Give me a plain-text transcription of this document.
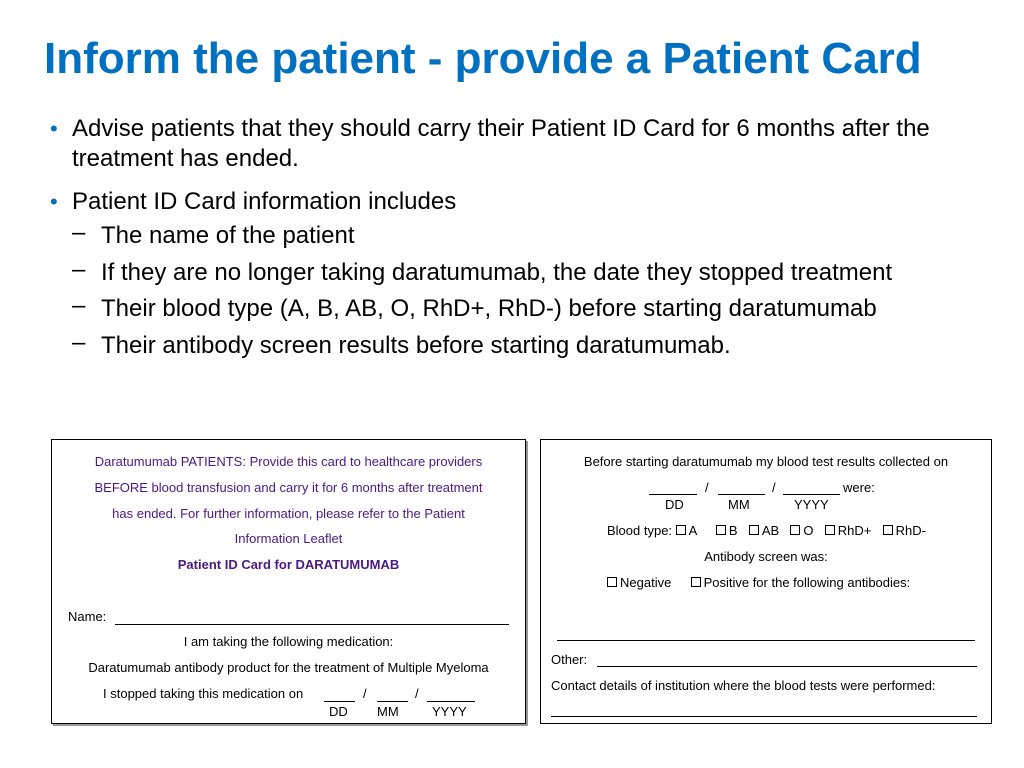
Inform the patient - provide a Patient Card
• Advise patients that they should carry their Patient ID Card for 6 months after the treatment has ended.
• Patient ID Card information includes
– The name of the patient
– If they are no longer taking daratumumab, the date they stopped treatment
– Their blood type (A, B, AB, O, RhD+, RhD-) before starting daratumumab
– Their antibody screen results before starting daratumumab.
Daratumumab PATIENTS: Provide this card to healthcare providers
BEFORE blood transfusion and carry it for 6 months after treatment
has ended. For further information, please refer to the Patient
Information Leaflet
Patient ID Card for DARATUMUMAB
Name:
I am taking the following medication:
Daratumumab antibody product for the treatment of Multiple Myeloma
I stopped taking this medication on	/	/
DD MM	YYYY
Before starting daratumumab my blood test results collected on
/	/	were:
DD	MM	YYYY
Blood type: A B AB O RhD+ RhD-
Antibody screen was:
Negative Positive for the following antibodies:
Other:
Contact details of institution where the blood tests were performed:
